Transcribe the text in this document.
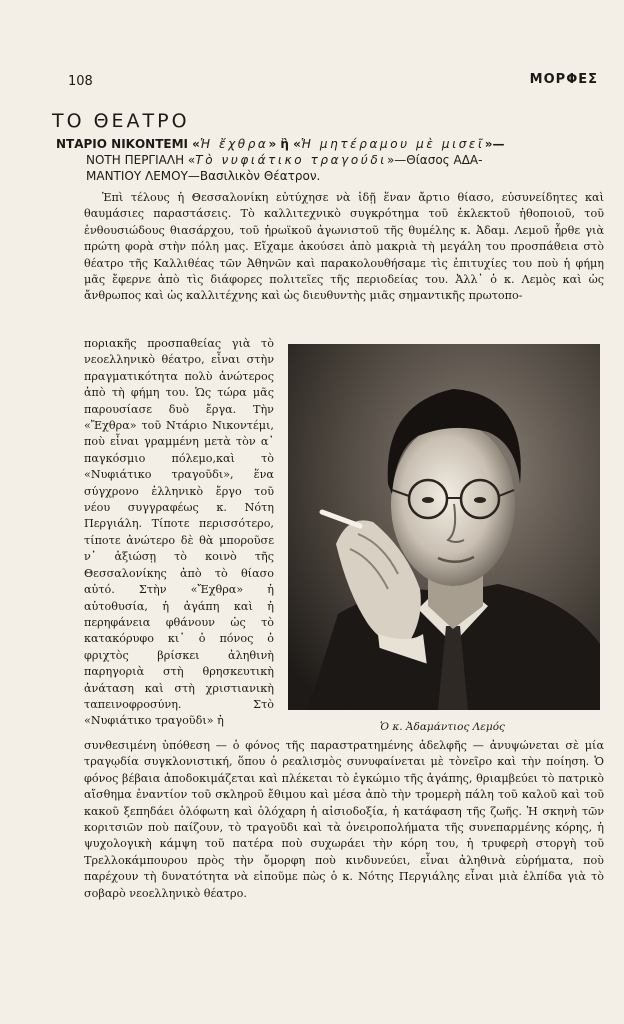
108	ΜΟΡΦΕΣ
ΤΟ ΘΕΑΤΡΟ
ΝΤΑΡΙΟ ΝΙΚΟΝΤΕΜΙ «Ἡ ἔχθρα» ἢ «Ἡ μητέραμου μὲ μισεῖ»—
ΝΟΤΗ ΠΕΡΓΙΑΛΗ «Τὸ νυφιάτικο τραγούδι»—Θίασος ΑΔΑ-
ΜΑΝΤΙΟΥ ΛΕΜΟΥ—Βασιλικὸν Θέατρον.

Ἐπὶ τέλους ἡ Θεσσαλονίκη εὐτύχησε νὰ ἰδῇ ἕναν ἄρτιο θίασο, εὐσυνείδητες καὶ θαυμάσιες παραστάσεις. Τὸ καλλιτεχνικὸ συγκρότημα τοῦ ἐκλεκτοῦ ἠθοποιοῦ, τοῦ ἐνθουσιώδους θιασάρχου, τοῦ ἡρωϊκοῦ ἀγωνιστοῦ τῆς θυμέλης κ. Ἀδαμ. Λεμοῦ ἦρθε γιὰ πρώτη φορὰ στὴν πόλη μας. Εἴχαμε ἀκούσει ἀπὸ μακριὰ τὴ μεγάλη του προσπάθεια στὸ θέατρο τῆς Καλλιθέας τῶν Ἀθηνῶν καὶ παρακολουθήσαμε τὶς ἐπιτυχίες του ποὺ ἡ φήμη μᾶς ἔφερνε ἀπὸ τὶς διάφορες πολιτεῖες τῆς περιοδείας του. Ἀλλ᾽ ὁ κ. Λεμὸς καὶ ὡς ἄνθρωπος καὶ ὡς καλλιτέχνης καὶ ὡς διευθυντὴς μιᾶς σημαντικῆς πρωτοπο-

ποριακῆς προσπαθείας γιὰ τὸ νεοελληνικὸ θέατρο, εἶναι στὴν πραγματικότητα πολὺ ἀνώτερος ἀπὸ τὴ φήμη του. Ὡς τώρα μᾶς παρουσίασε δυὸ ἔργα. Τὴν «Ἔχθρα» τοῦ Ντάριο Νικοντέμι, ποὺ εἶναι γραμμένη μετὰ τὸν α᾽ παγκόσμιο πόλεμο,καὶ τὸ «Νυφιάτικο τραγοῦδι», ἕνα σύγχρονο ἑλληνικὸ ἔργο τοῦ νέου συγγραφέως κ. Νότη Περγιάλη. Τίποτε περισσότερο, τίποτε ἀνώτερο δὲ θὰ μποροῦσε ν᾽ ἀξιώσῃ τὸ κοινὸ τῆς Θεσσαλονίκης ἀπὸ τὸ θίασο αὐτό. Στὴν «Ἔχθρα» ἡ αὐτοθυσία, ἡ ἀγάπη καὶ ἡ περηφάνεια φθάνουν ὡς τὸ κατακόρυφο κι᾽ ὁ πόνος ὁ φριχτὸς βρίσκει ἀληθινὴ παρηγοριὰ στὴ θρησκευτικὴ ἀνάταση καὶ στὴ χριστιανικὴ ταπεινοφροσύνη. Στὸ «Νυφιάτικο τραγοῦδι» ἡ	Ὁ κ. Ἀδαμάντιος Λεμός

συνθεσιμένη ὑπόθεση — ὁ φόνος τῆς παραστρατημένης ἀδελφῆς — ἀνυψώνεται σὲ μία τραγῳδία συγκλονιστική, ὅπου ὁ ρεαλισμὸς συνυφαίνεται μὲ τὸνεῖρο καὶ τὴν ποίηση. Ὁ φόνος βέβαια ἀποδοκιμάζεται καὶ πλέκεται τὸ ἐγκώμιο τῆς ἀγάπης, θριαμβεύει τὸ πατρικὸ αἴσθημα ἐναντίον τοῦ σκληροῦ ἔθιμου καὶ μέσα ἀπὸ τὴν τρομερὴ πάλη τοῦ καλοῦ καὶ τοῦ κακοῦ ξεπηδάει ὁλόφωτη καὶ ὁλόχαρη ἡ αἰσιοδοξία, ἡ κατάφαση τῆς ζωῆς. Ἡ σκηνὴ τῶν κοριτσιῶν ποὺ παίζουν, τὸ τραγοῦδι καὶ τὰ ὀνειροπολήματα τῆς συνεπαρμένης κόρης, ἡ ψυχολογικὴ κάμψη τοῦ πατέρα ποὺ συχωράει τὴν κόρη του, ἡ τρυφερὴ στοργὴ τοῦ Τρελλοκάμπουρου πρὸς τὴν ὄμορφη ποὺ κινδυνεύει, εἶναι ἀληθινὰ εὑρήματα, ποὺ παρέχουν τὴ δυνατότητα νὰ εἰποῦμε πὼς ὁ κ. Νότης Περγιάλης εἶναι μιὰ ἐλπίδα γιὰ τὸ σοβαρὸ νεοελληνικὸ θέατρο.
